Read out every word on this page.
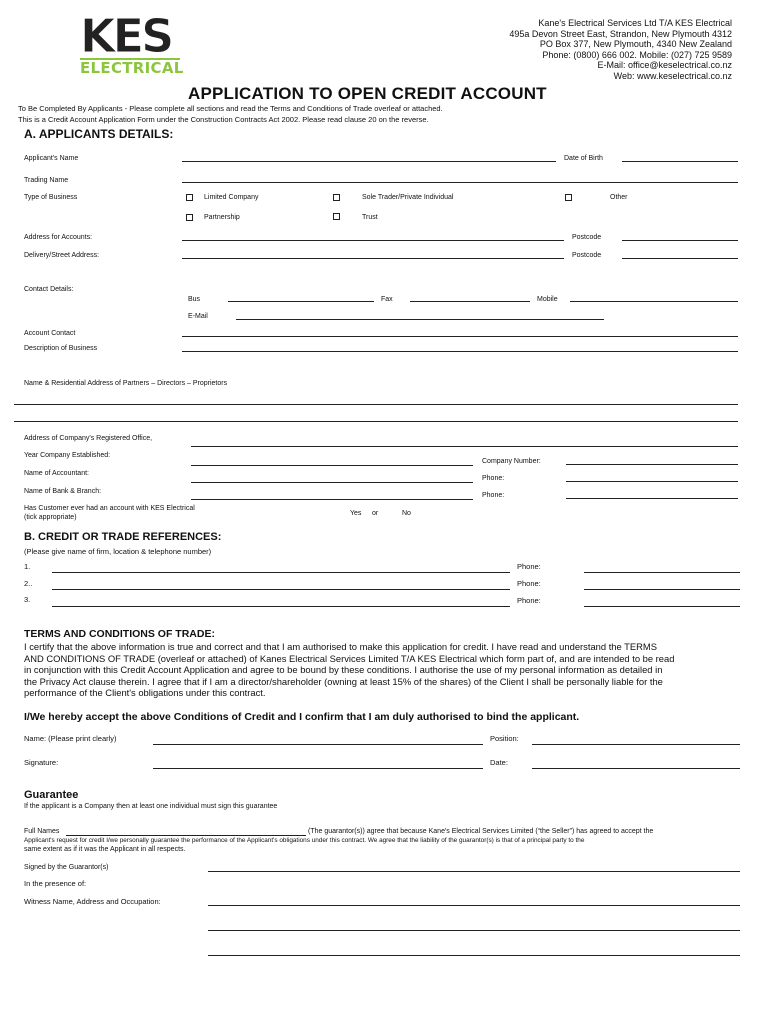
KES
ELECTRICAL
Kane's Electrical Services Ltd T/A KES Electrical
495a Devon Street East, Strandon, New Plymouth 4312
PO Box 377, New Plymouth, 4340 New Zealand
Phone: (0800) 666 002. Mobile: (027) 725 9589
E-Mail: office@keselectrical.co.nz
Web: www.keselectrical.co.nz
APPLICATION TO OPEN CREDIT ACCOUNT
To Be Completed By Applicants - Please complete all sections and read the Terms and Conditions of Trade overleaf or attached.
This is a Credit Account Application Form under the Construction Contracts Act 2002. Please read clause 20 on the reverse.
A. APPLICANTS DETAILS:
Applicant's Name	Date of Birth
Trading Name
Type of Business	Limited Company	Sole Trader/Private Individual	Other
Partnership	Trust
Address for Accounts:	Postcode
Delivery/Street Address:	Postcode
Contact Details:
Bus	Fax	Mobile
E-Mail
Account Contact
Description of Business
Name & Residential Address of Partners – Directors – Proprietors
Address of Company's Registered Office,
Year Company Established:
Company Number:
Name of Accountant:
Phone:
Name of Bank & Branch:
Phone:
Has Customer ever had an account with KES Electrical
(tick appropriate)
Yes or	No
B. CREDIT OR TRADE REFERENCES:
(Please give name of firm, location & telephone number)
1.	Phone:
2..	Phone:
3.	Phone:
TERMS AND CONDITIONS OF TRADE:
I certify that the above information is true and correct and that I am authorised to make this application for credit. I have read and understand the TERMS
AND CONDITIONS OF TRADE (overleaf or attached) of Kanes Electrical Services Limited T/A KES Electrical which form part of, and are intended to be read
in conjunction with this Credit Account Application and agree to be bound by these conditions. I authorise the use of my personal information as detailed in
the Privacy Act clause therein. I agree that if I am a director/shareholder (owning at least 15% of the shares) of the Client I shall be personally liable for the
performance of the Client's obligations under this contract.
I/We hereby accept the above Conditions of Credit and I confirm that I am duly authorised to bind the applicant.
Name: (Please print clearly)	Position:
Signature:	Date:
Guarantee
If the applicant is a Company then at least one individual must sign this guarantee
Full Names	(The guarantor(s)) agree that because Kane's Electrical Services Limited (“the Seller”) has agreed to accept the
Applicant's request for credit I/we personally guarantee the performance of the Applicant's obligations under this contract. We agree that the liability of the guarantor(s) is that of a principal party to the
same extent as if it was the Applicant in all respects.
Signed by the Guarantor(s)
In the presence of:
Witness Name, Address and Occupation:
